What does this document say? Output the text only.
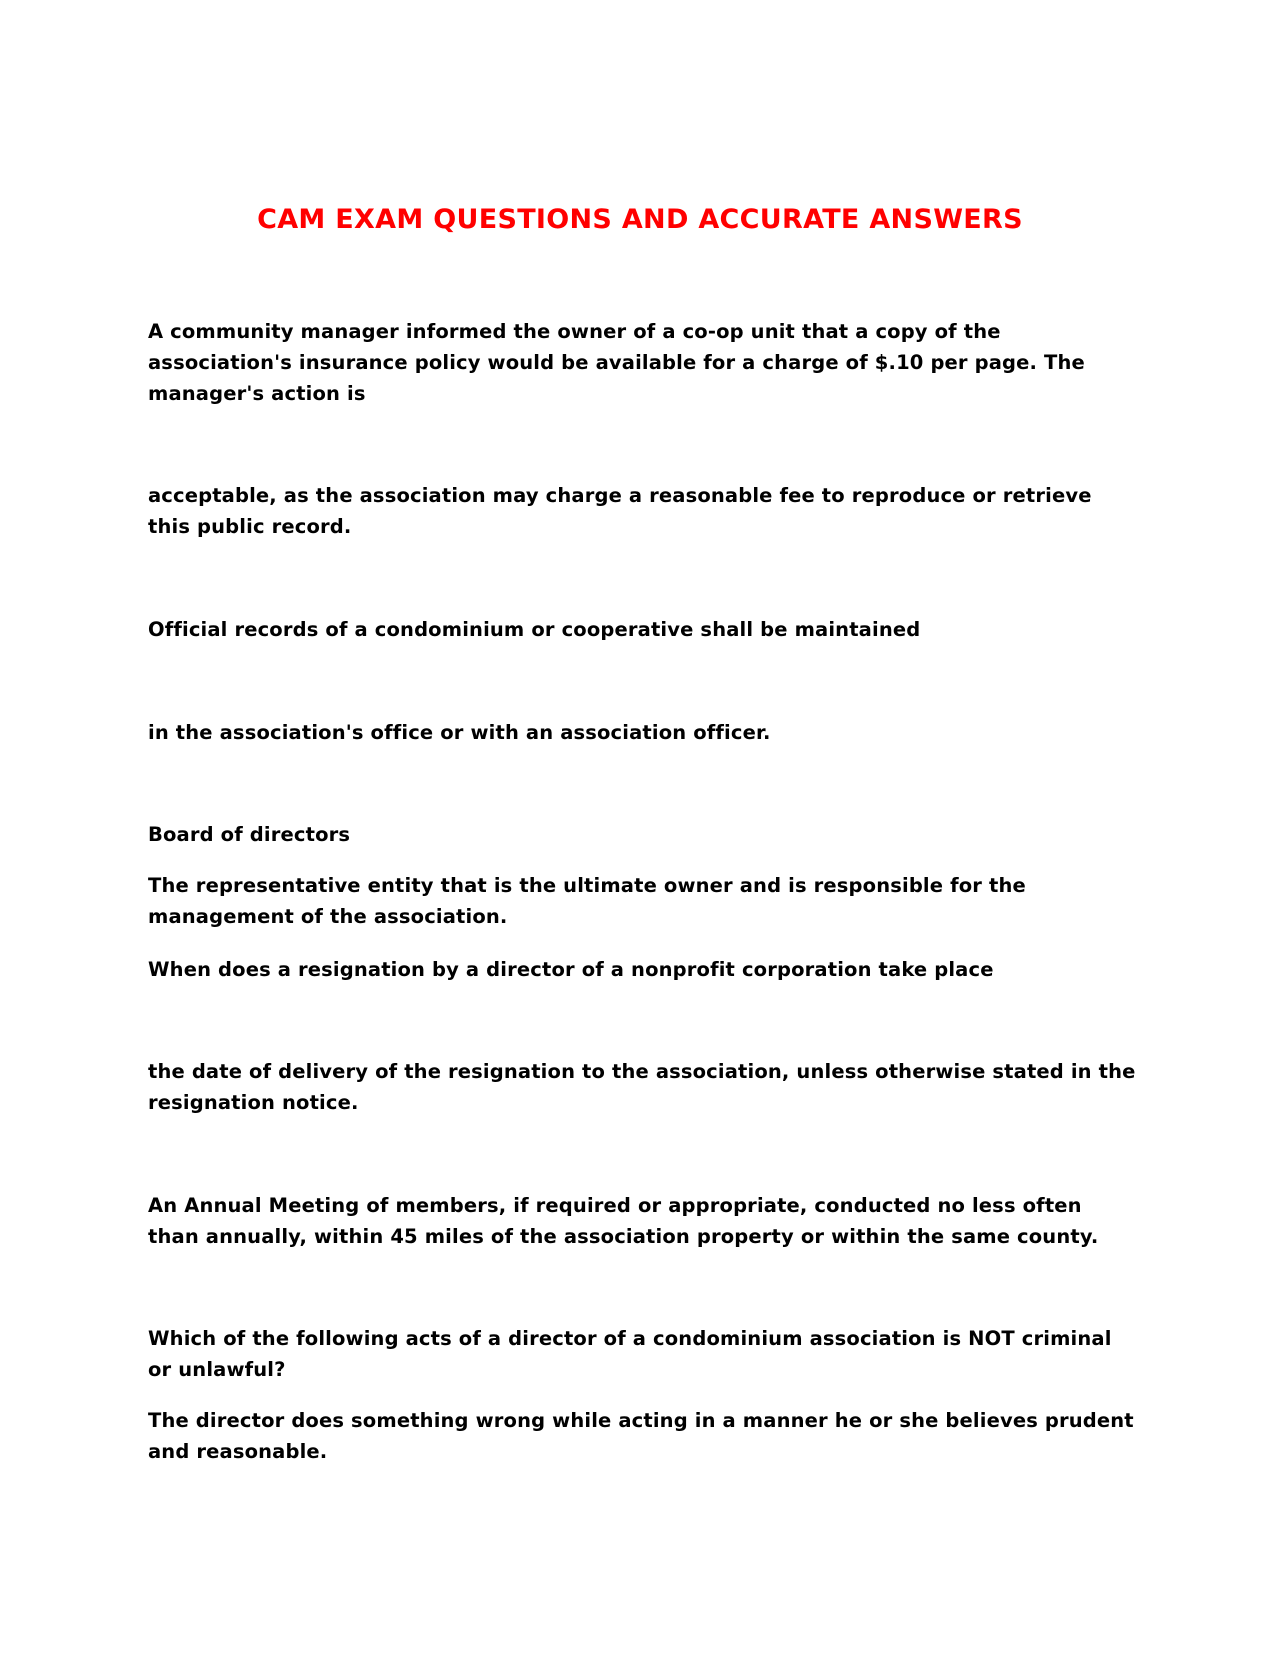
CAM EXAM QUESTIONS AND ACCURATE ANSWERS

A community manager informed the owner of a co-op unit that a copy of the association's insurance policy would be available for a charge of $.10 per page. The manager's action is

acceptable, as the association may charge a reasonable fee to reproduce or retrieve this public record.

Official records of a condominium or cooperative shall be maintained

in the association's office or with an association officer.

Board of directors

The representative entity that is the ultimate owner and is responsible for the management of the association.

When does a resignation by a director of a nonprofit corporation take place

the date of delivery of the resignation to the association, unless otherwise stated in the resignation notice.

An Annual Meeting of members, if required or appropriate, conducted no less often than annually, within 45 miles of the association property or within the same county.

Which of the following acts of a director of a condominium association is NOT criminal or unlawful?

The director does something wrong while acting in a manner he or she believes prudent and reasonable.
